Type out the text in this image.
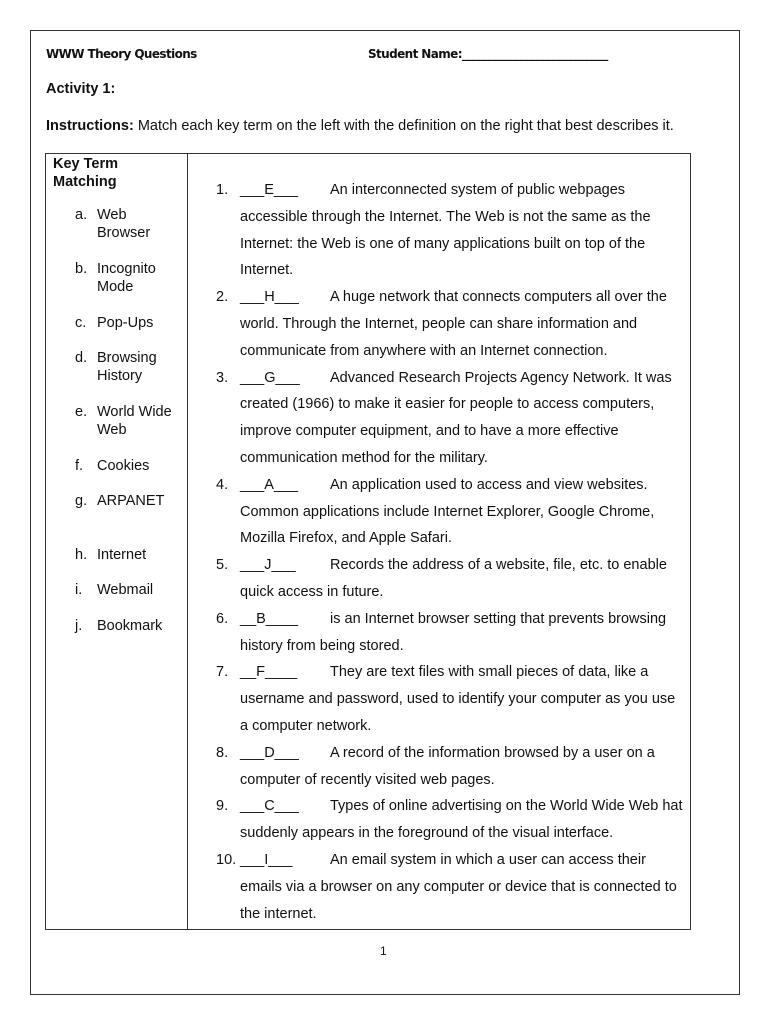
WWW Theory Questions	Student Name:___________________________
Activity 1:
Instructions: Match each key term on the left with the definition on the right that best describes it.
Key Term Matching
a. Web Browser
b. Incognito Mode
c. Pop-Ups
d. Browsing History
e. World Wide Web
f. Cookies
g. ARPANET
h. Internet
i.	Webmail
j.	Bookmark
1. ___E___ An interconnected system of public webpages accessible through the Internet. The Web is not the same as the Internet: the Web is one of many applications built on top of the Internet.
2. ___H___ A huge network that connects computers all over the world. Through the Internet, people can share information and communicate from anywhere with an Internet connection.
3. ___G___ Advanced Research Projects Agency Network. It was created (1966) to make it easier for people to access computers, improve computer equipment, and to have a more effective communication method for the military.
4. ___A___ An application used to access and view websites. Common applications include Internet Explorer, Google Chrome, Mozilla Firefox, and Apple Safari.
5. ___J___ Records the address of a website, file, etc. to enable quick access in future.
6. __B____ is an Internet browser setting that prevents browsing history from being stored.
7. __F____ They are text files with small pieces of data, like a username and password, used to identify your computer as you use a computer network.
8. ___D___ A record of the information browsed by a user on a computer of recently visited web pages.
9. ___C___ Types of online advertising on the World Wide Web hat suddenly appears in the foreground of the visual interface.
10. ___I___	An email system in which a user can access their emails via a browser on any computer or device that is connected to the internet.
1
